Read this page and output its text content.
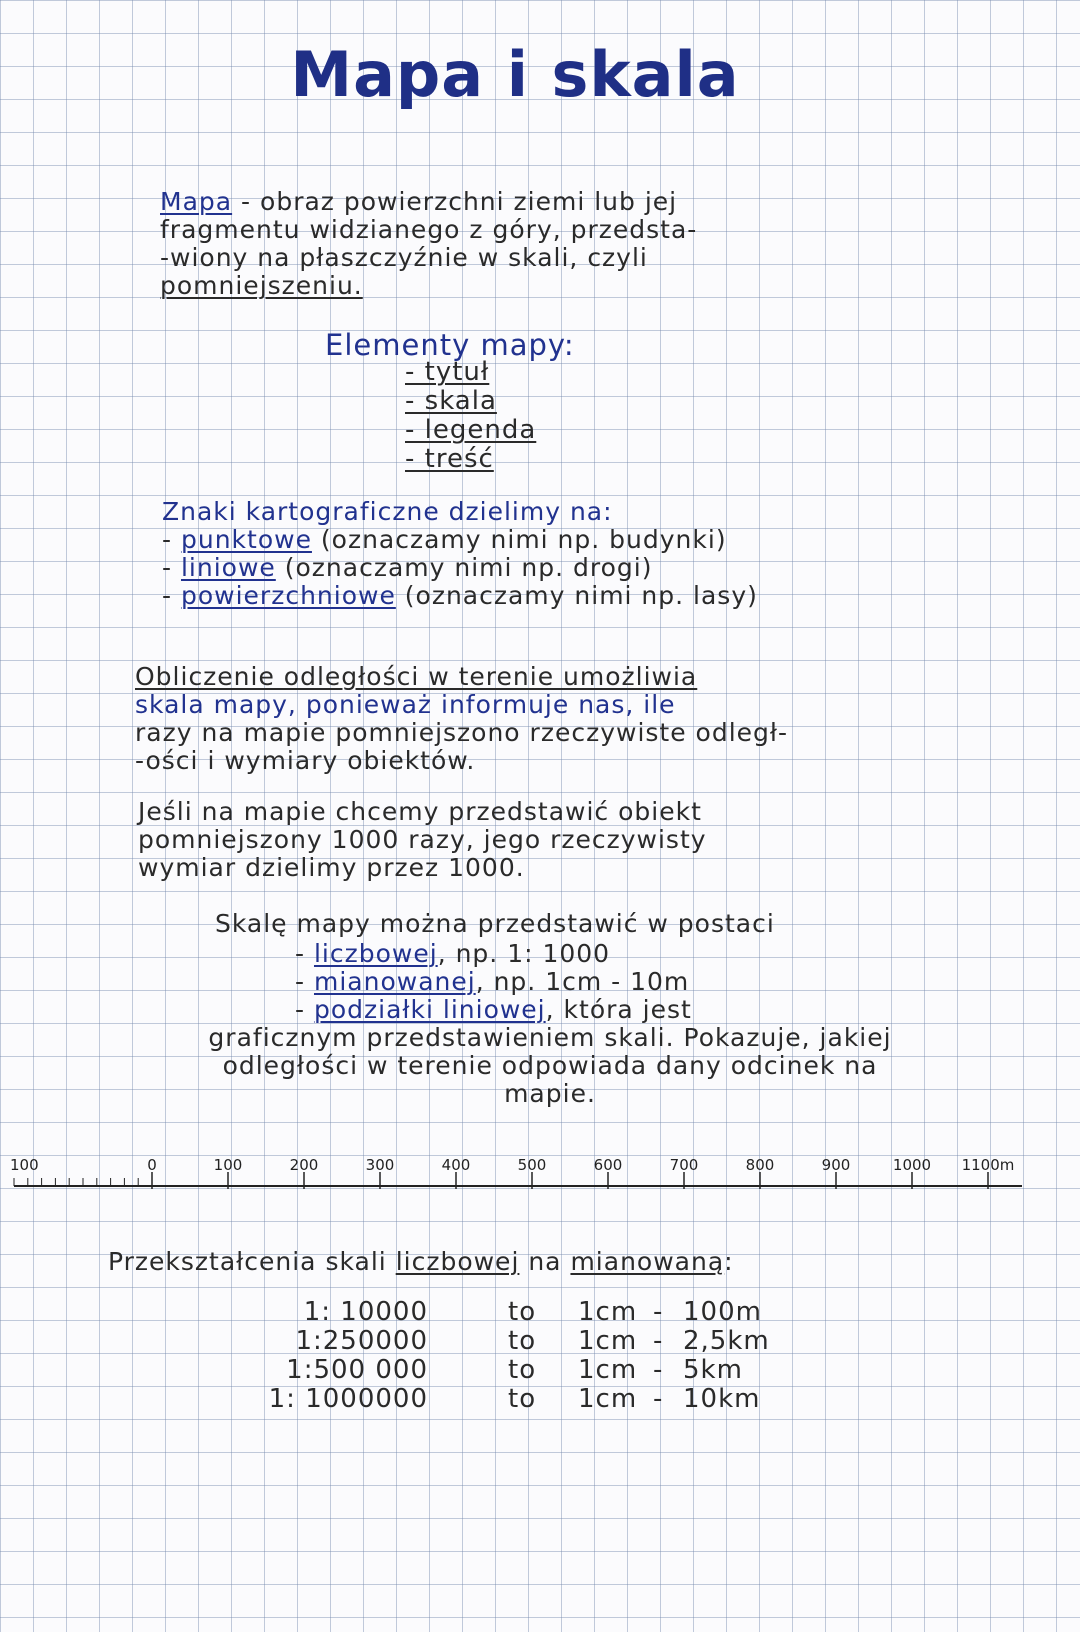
Mapa i skala
Mapa - obraz powierzchni ziemi lub jej
fragmentu widzianego z góry, przedsta-
-wiony na płaszczyźnie w skali, czyli
pomniejszeniu.
Elementy mapy:
- tytuł
- skala
- legenda
- treść
Znaki kartograficzne dzielimy na:
- punktowe (oznaczamy nimi np. budynki)
- liniowe (oznaczamy nimi np. drogi)
- powierzchniowe (oznaczamy nimi np. lasy)
Obliczenie odległości w terenie umożliwia
skala mapy, ponieważ informuje nas, ile
razy na mapie pomniejszono rzeczywiste odległ-
-ości i wymiary obiektów.
Jeśli na mapie chcemy przedstawić obiekt
pomniejszony 1000 razy, jego rzeczywisty
wymiar dzielimy przez 1000.
Skalę mapy można przedstawić w postaci
- liczbowej, np. 1: 1000
- mianowanej, np. 1cm - 10m
- podziałki liniowej, która jest
graficznym przedstawieniem skali. Pokazuje, jakiej
odległości w terenie odpowiada dany odcinek na
mapie.
100	0	100	200	300	400	500	600	700	800	900	1000 1100m
Przekształcenia skali liczbowej na mianowaną:
1: 10000	to	1cm	-	100m
1:250000	to	1cm	-	2,5km
1:500 000	to	1cm	-	5km
1: 1000000	to	1cm	-	10km
